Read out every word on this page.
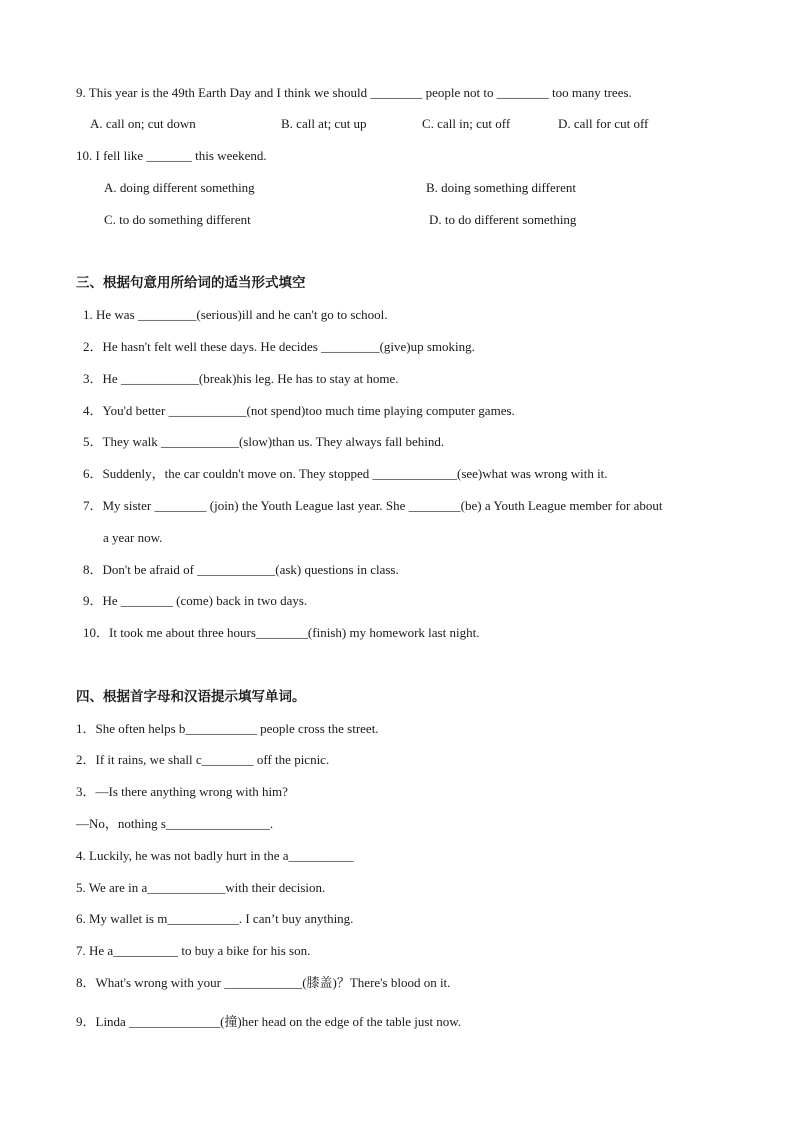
9. This year is the 49th Earth Day and I think we should ________ people not to ________ too many trees.
A. call on; cut down	B. call at; cut up	C. call in; cut off	D. call for cut off
10. I fell like _______ this weekend.
A. doing different something	B. doing something different
C. to do something different	D. to do different something
三、根据句意用所给词的适当形式填空
1. He was _________(serious)ill and he can't go to school.
2．He hasn't felt well these days. He decides _________(give)up smoking.
3．He ____________(break)his leg. He has to stay at home.
4．You'd better ____________(not spend)too much time playing computer games.
5．They walk ____________(slow)than us. They always fall behind.
6．Suddenly，the car couldn't move on. They stopped _____________(see)what was wrong with it.
7．My sister ________ (join) the Youth League last year. She ________(be) a Youth League member for about
a year now.
8．Don't be afraid of ____________(ask) questions in class.
9．He ________ (come) back in two days.
10．It took me about three hours________(finish) my homework last night.
四、根据首字母和汉语提示填写单词。
1．She often helps b___________ people cross the street.
2．If it rains, we shall c________ off the picnic.
3．—Is there anything wrong with him?
—No，nothing s________________.
4. Luckily, he was not badly hurt in the a__________
5. We are in a____________with their decision.
6. My wallet is m___________. I can’t buy anything.
7. He a__________ to buy a bike for his son.
8．What's wrong with your ____________(膝盖)？There's blood on it.
9．Linda ______________(撞)her head on the edge of the table just now.
